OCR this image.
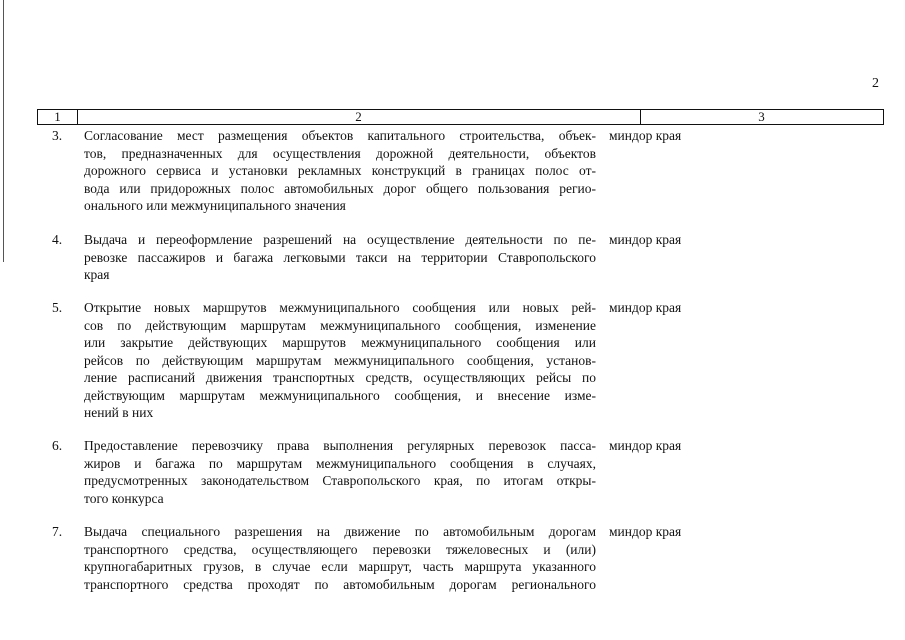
2
1	2	3
3. Согласование мест размещения объектов капитального строительства, объек-
тов, предназначенных для осуществления дорожной деятельности, объектов
дорожного сервиса и установки рекламных конструкций в границах полос от-
вода или придорожных полос автомобильных дорог общего пользования регио-
онального или межмуниципального значения
миндор края
4. Выдача и переоформление разрешений на осуществление деятельности по пе-
ревозке пассажиров и багажа легковыми такси на территории Ставропольского
края
миндор края
5. Открытие новых маршрутов межмуниципального сообщения или новых рей-
сов по действующим маршрутам межмуниципального сообщения, изменение
или закрытие действующих маршрутов межмуниципального сообщения или
рейсов по действующим маршрутам межмуниципального сообщения, установ-
ление расписаний движения транспортных средств, осуществляющих рейсы по
действующим маршрутам межмуниципального сообщения, и внесение изме-
нений в них
миндор края
6. Предоставление перевозчику права выполнения регулярных перевозок пасса-
жиров и багажа по маршрутам межмуниципального сообщения в случаях,
предусмотренных законодательством Ставропольского края, по итогам откры-
того конкурса
миндор края
7. Выдача специального разрешения на движение по автомобильным дорогам
транспортного средства, осуществляющего перевозки тяжеловесных и (или)
крупногабаритных грузов, в случае если маршрут, часть маршрута указанного
транспортного средства проходят по автомобильным дорогам регионального
миндор края
